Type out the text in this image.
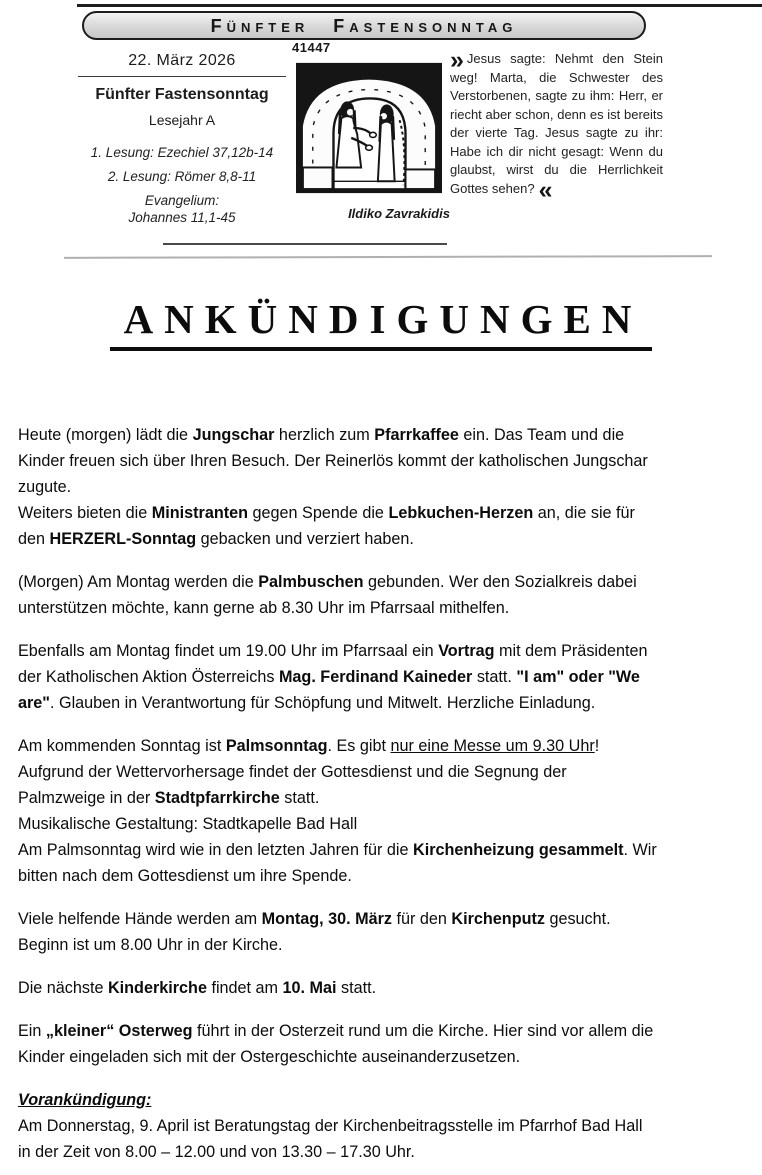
FÜNFTER FASTENSONNTAG
22. März 2026
Fünfter Fastensonntag
Lesejahr A
1. Lesung: Ezechiel 37,12b-14
2. Lesung: Römer 8,8-11
Evangelium:
Johannes 11,1-45
41447
Ildiko Zavrakidis

» Jesus sagte: Nehmt den Stein weg! Marta, die Schwester des Verstorbenen, sagte zu ihm: Herr, er riecht aber schon, denn es ist bereits der vierte Tag. Jesus sagte zu ihr: Habe ich dir nicht gesagt: Wenn du glaubst, wirst du die Herrlichkeit Gottes sehen? «

ANKÜNDIGUNGEN

Heute (morgen) lädt die Jungschar herzlich zum Pfarrkaffee ein. Das Team und die
Kinder freuen sich über Ihren Besuch. Der Reinerlös kommt der katholischen Jungschar
zugute.

Weiters bieten die Ministranten gegen Spende die Lebkuchen-Herzen an, die sie für
den HERZERL-Sonntag gebacken und verziert haben.

(Morgen) Am Montag werden die Palmbuschen gebunden. Wer den Sozialkreis dabei
unterstützen möchte, kann gerne ab 8.30 Uhr im Pfarrsaal mithelfen.

Ebenfalls am Montag findet um 19.00 Uhr im Pfarrsaal ein Vortrag mit dem Präsidenten
der Katholischen Aktion Österreichs Mag. Ferdinand Kaineder statt. "I am" oder "We
are". Glauben in Verantwortung für Schöpfung und Mitwelt. Herzliche Einladung.

Am kommenden Sonntag ist Palmsonntag. Es gibt nur eine Messe um 9.30 Uhr!
Aufgrund der Wettervorhersage findet der Gottesdienst und die Segnung der
Palmzweige in der Stadtpfarrkirche statt.
Musikalische Gestaltung: Stadtkapelle Bad Hall
Am Palmsonntag wird wie in den letzten Jahren für die Kirchenheizung gesammelt. Wir
bitten nach dem Gottesdienst um ihre Spende.

Viele helfende Hände werden am Montag, 30. März für den Kirchenputz gesucht.
Beginn ist um 8.00 Uhr in der Kirche.

Die nächste Kinderkirche findet am 10. Mai statt.

Ein „kleiner“ Osterweg führt in der Osterzeit rund um die Kirche. Hier sind vor allem die
Kinder eingeladen sich mit der Ostergeschichte auseinanderzusetzen.

Vorankündigung:

Am Donnerstag, 9. April ist Beratungstag der Kirchenbeitragsstelle im Pfarrhof Bad Hall
in der Zeit von 8.00 – 12.00 und von 13.30 – 17.30 Uhr.
